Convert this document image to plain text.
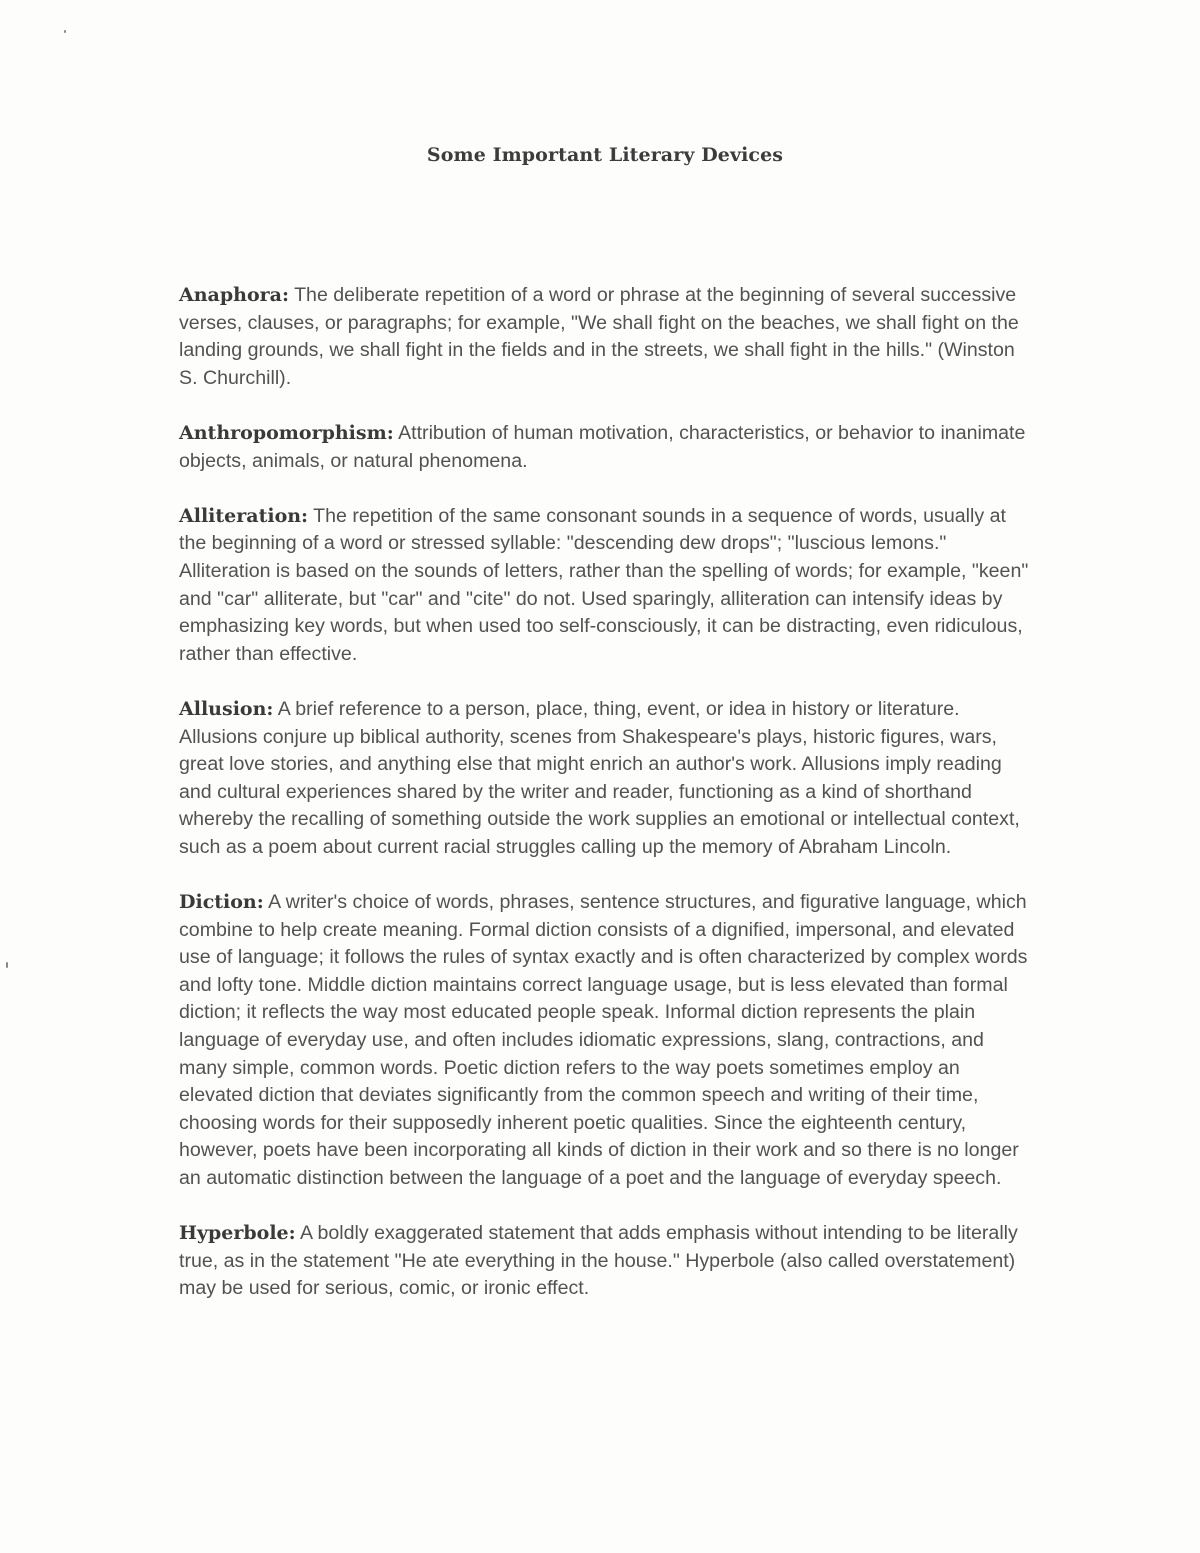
Some Important Literary Devices

Anaphora: The deliberate repetition of a word or phrase at the beginning of several successive verses, clauses, or paragraphs; for example, "We shall fight on the beaches, we shall fight on the landing grounds, we shall fight in the fields and in the streets, we shall fight in the hills." (Winston S. Churchill).

Anthropomorphism: Attribution of human motivation, characteristics, or behavior to inanimate objects, animals, or natural phenomena.

Alliteration: The repetition of the same consonant sounds in a sequence of words, usually at the beginning of a word or stressed syllable: "descending dew drops"; "luscious lemons." Alliteration is based on the sounds of letters, rather than the spelling of words; for example, "keen" and "car" alliterate, but "car" and "cite" do not. Used sparingly, alliteration can intensify ideas by emphasizing key words, but when used too self-consciously, it can be distracting, even ridiculous, rather than effective.

Allusion: A brief reference to a person, place, thing, event, or idea in history or literature. Allusions conjure up biblical authority, scenes from Shakespeare's plays, historic figures, wars, great love stories, and anything else that might enrich an author's work. Allusions imply reading and cultural experiences shared by the writer and reader, functioning as a kind of shorthand whereby the recalling of something outside the work supplies an emotional or intellectual context, such as a poem about current racial struggles calling up the memory of Abraham Lincoln.

Diction: A writer's choice of words, phrases, sentence structures, and figurative language, which combine to help create meaning. Formal diction consists of a dignified, impersonal, and elevated use of language; it follows the rules of syntax exactly and is often characterized by complex words and lofty tone. Middle diction maintains correct language usage, but is less elevated than formal diction; it reflects the way most educated people speak. Informal diction represents the plain language of everyday use, and often includes idiomatic expressions, slang, contractions, and many simple, common words. Poetic diction refers to the way poets sometimes employ an elevated diction that deviates significantly from the common speech and writing of their time, choosing words for their supposedly inherent poetic qualities. Since the eighteenth century, however, poets have been incorporating all kinds of diction in their work and so there is no longer an automatic distinction between the language of a poet and the language of everyday speech.

Hyperbole: A boldly exaggerated statement that adds emphasis without intending to be literally true, as in the statement "He ate everything in the house." Hyperbole (also called overstatement) may be used for serious, comic, or ironic effect.
